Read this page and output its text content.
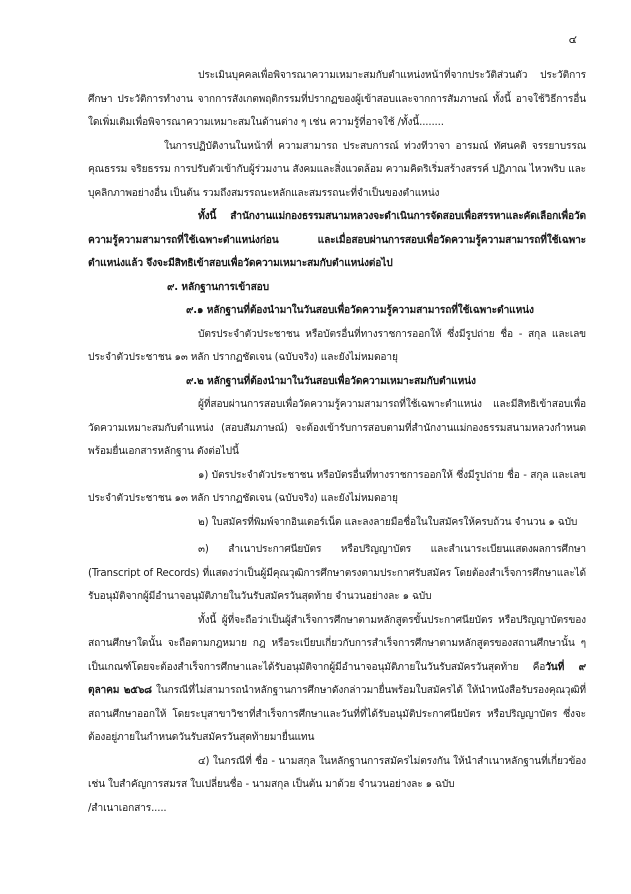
๔

ประเมินบุคคลเพื่อพิจารณาความเหมาะสมกับตำแหน่งหน้าที่จากประวัติส่วนตัว ประวัติการศึกษา ประวัติการทำงาน จากการสังเกตพฤติกรรมที่ปรากฏของผู้เข้าสอบและจากการสัมภาษณ์ ทั้งนี้ อาจใช้วิธีการอื่นใดเพิ่มเติมเพื่อพิจารณาความเหมาะสมในด้านต่าง ๆ เช่น ความรู้ที่อาจใช้ /ทั้งนี้........

ในการปฏิบัติงานในหน้าที่ ความสามารถ ประสบการณ์ ท่วงทีวาจา อารมณ์ ทัศนคติ จรรยาบรรณ คุณธรรม จริยธรรม การปรับตัวเข้ากับผู้ร่วมงาน สังคมและสิ่งแวดล้อม ความคิดริเริ่มสร้างสรรค์ ปฏิภาณ ไหวพริบ และบุคลิกภาพอย่างอื่น เป็นต้น รวมถึงสมรรถนะหลักและสมรรถนะที่จำเป็นของตำแหน่ง

ทั้งนี้ สำนักงานแม่กองธรรมสนามหลวงจะดำเนินการจัดสอบเพื่อสรรหาและคัดเลือกเพื่อวัดความรู้ความสามารถที่ใช้เฉพาะตำแหน่งก่อน และเมื่อสอบผ่านการสอบเพื่อวัดความรู้ความสามารถที่ใช้เฉพาะตำแหน่งแล้ว จึงจะมีสิทธิเข้าสอบเพื่อวัดความเหมาะสมกับตำแหน่งต่อไป

๙. หลักฐานการเข้าสอบ

๙.๑ หลักฐานที่ต้องนำมาในวันสอบเพื่อวัดความรู้ความสามารถที่ใช้เฉพาะตำแหน่ง

บัตรประจำตัวประชาชน หรือบัตรอื่นที่ทางราชการออกให้ ซึ่งมีรูปถ่าย ชื่อ - สกุล และเลขประจำตัวประชาชน ๑๓ หลัก ปรากฏชัดเจน (ฉบับจริง) และยังไม่หมดอายุ

๙.๒ หลักฐานที่ต้องนำมาในวันสอบเพื่อวัดความเหมาะสมกับตำแหน่ง

ผู้ที่สอบผ่านการสอบเพื่อวัดความรู้ความสามารถที่ใช้เฉพาะตำแหน่ง และมีสิทธิเข้าสอบเพื่อวัดความเหมาะสมกับตำแหน่ง (สอบสัมภาษณ์) จะต้องเข้ารับการสอบตามที่สำนักงานแม่กองธรรมสนามหลวงกำหนด พร้อมยื่นเอกสารหลักฐาน ดังต่อไปนี้

๑) บัตรประจำตัวประชาชน หรือบัตรอื่นที่ทางราชการออกให้ ซึ่งมีรูปถ่าย ชื่อ - สกุล และเลขประจำตัวประชาชน ๑๓ หลัก ปรากฏชัดเจน (ฉบับจริง) และยังไม่หมดอายุ

๒) ใบสมัครที่พิมพ์จากอินเตอร์เน็ต และลงลายมือชื่อในใบสมัครให้ครบถ้วน จำนวน ๑ ฉบับ

๓) สำเนาประกาศนียบัตร หรือปริญญาบัตร และสำเนาระเบียนแสดงผลการศึกษา (Transcript of Records) ที่แสดงว่าเป็นผู้มีคุณวุฒิการศึกษาตรงตามประกาศรับสมัคร โดยต้องสำเร็จการศึกษาและได้รับอนุมัติจากผู้มีอำนาจอนุมัติภายในวันรับสมัครวันสุดท้าย จำนวนอย่างละ ๑ ฉบับ

ทั้งนี้ ผู้ที่จะถือว่าเป็นผู้สำเร็จการศึกษาตามหลักสูตรขั้นประกาศนียบัตร หรือปริญญาบัตรของสถานศึกษาใดนั้น จะถือตามกฎหมาย กฎ หรือระเบียบเกี่ยวกับการสำเร็จการศึกษาตามหลักสูตรของสถานศึกษานั้น ๆ เป็นเกณฑ์โดยจะต้องสำเร็จการศึกษาและได้รับอนุมัติจากผู้มีอำนาจอนุมัติภายในวันรับสมัครวันสุดท้าย คือวันที่ ๙ ตุลาคม ๒๕๖๘ ในกรณีที่ไม่สามารถนำหลักฐานการศึกษาดังกล่าวมายื่นพร้อมใบสมัครได้ ให้นำหนังสือรับรองคุณวุฒิที่สถานศึกษาออกให้ โดยระบุสาขาวิชาที่สำเร็จการศึกษาและวันที่ที่ได้รับอนุมัติประกาศนียบัตร หรือปริญญาบัตร ซึ่งจะต้องอยู่ภายในกำหนดวันรับสมัครวันสุดท้ายมายื่นแทน

๔) ในกรณีที่ ชื่อ - นามสกุล ในหลักฐานการสมัครไม่ตรงกัน ให้นำสำเนาหลักฐานที่เกี่ยวข้อง เช่น ใบสำคัญการสมรส ใบเปลี่ยนชื่อ - นามสกุล เป็นต้น มาด้วย จำนวนอย่างละ ๑ ฉบับ

/สำเนาเอกสาร.....
